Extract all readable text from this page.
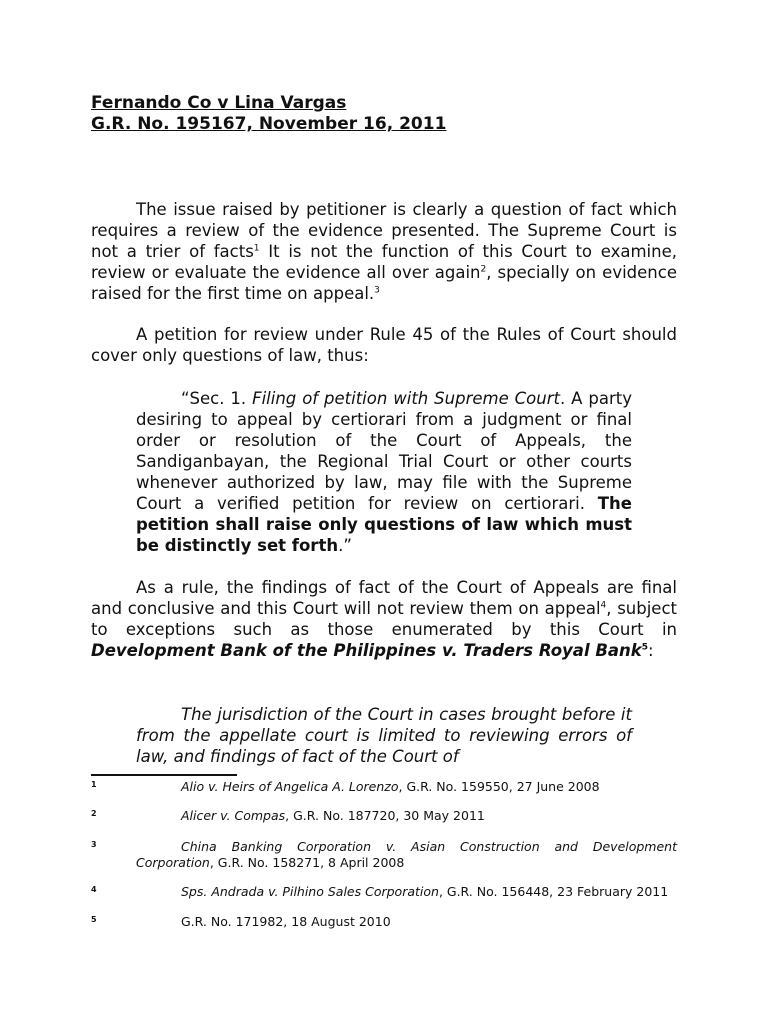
Fernando Co v Lina Vargas
G.R. No. 195167, November 16, 2011
The issue raised by petitioner is clearly a question of fact which requires a review of the evidence presented. The Supreme Court is not a trier of facts$^1$ It is not the function of this Court to examine, review or evaluate the evidence all over again$^2$, specially on evidence raised for the first time on appeal.$^3$
A petition for review under Rule 45 of the Rules of Court should cover only questions of law, thus:
“Sec. 1. Filing of petition with Supreme Court. A party desiring to appeal by certiorari from a judgment or final order or resolution of the Court of Appeals, the Sandiganbayan, the Regional Trial Court or other courts whenever authorized by law, may file with the Supreme Court a verified petition for review on certiorari. The petition shall raise only questions of law which must be distinctly set forth.”
As a rule, the findings of fact of the Court of Appeals are final and conclusive and this Court will not review them on appeal$^4$, subject to exceptions such as those enumerated by this Court in Development Bank of the Philippines v. Traders Royal Bank$^5$:
The jurisdiction of the Court in cases brought before it from the appellate court is limited to reviewing errors of law, and findings of fact of the Court of
1	Alio v. Heirs of Angelica A. Lorenzo, G.R. No. 159550, 27 June 2008
2	Alicer v. Compas, G.R. No. 187720, 30 May 2011
3	China Banking Corporation v. Asian Construction and Development Corporation, G.R. No. 158271, 8 April 2008
4	Sps. Andrada v. Pilhino Sales Corporation, G.R. No. 156448, 23 February 2011
5	G.R. No. 171982, 18 August 2010
